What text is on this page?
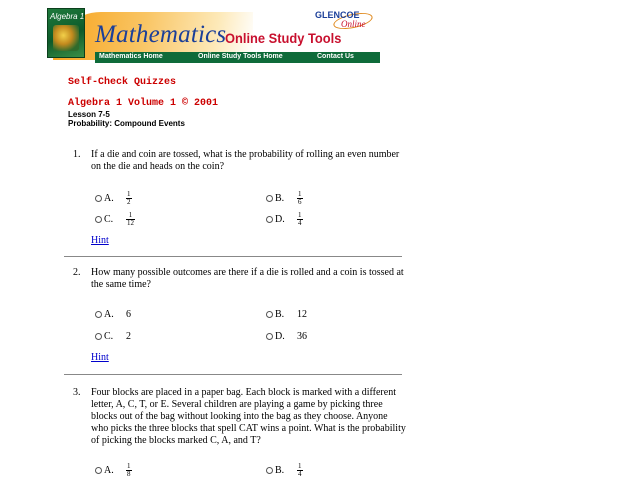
Algebra 1
Mathematics
Online Study Tools
GLENCOE
Online
Mathematics Home	Online Study Tools Home	Contact Us
Self-Check Quizzes
Algebra 1 Volume 1 © 2001
Lesson 7-5
Probability: Compound Events
1. If a die and coin are tossed, what is the probability of rolling an even number on the die and heads on the coin?
A.	$\frac{1}{2}$	B.	$\frac{1}{6}$
C.	$\frac{1}{12}$	D.	$\frac{1}{4}$
Hint
2. How many possible outcomes are there if a die is rolled and a coin is tossed at the same time?
A.	6	B.	12
C.	2	D.	36
Hint
3. Four blocks are placed in a paper bag. Each block is marked with a different letter, A, C, T, or E. Several children are playing a game by picking three blocks out of the bag without looking into the bag as they choose. Anyone who picks the three blocks that spell CAT wins a point. What is the probability of picking the blocks marked C, A, and T?
A.	$\frac{1}{8}$	B.	$\frac{1}{4}$
